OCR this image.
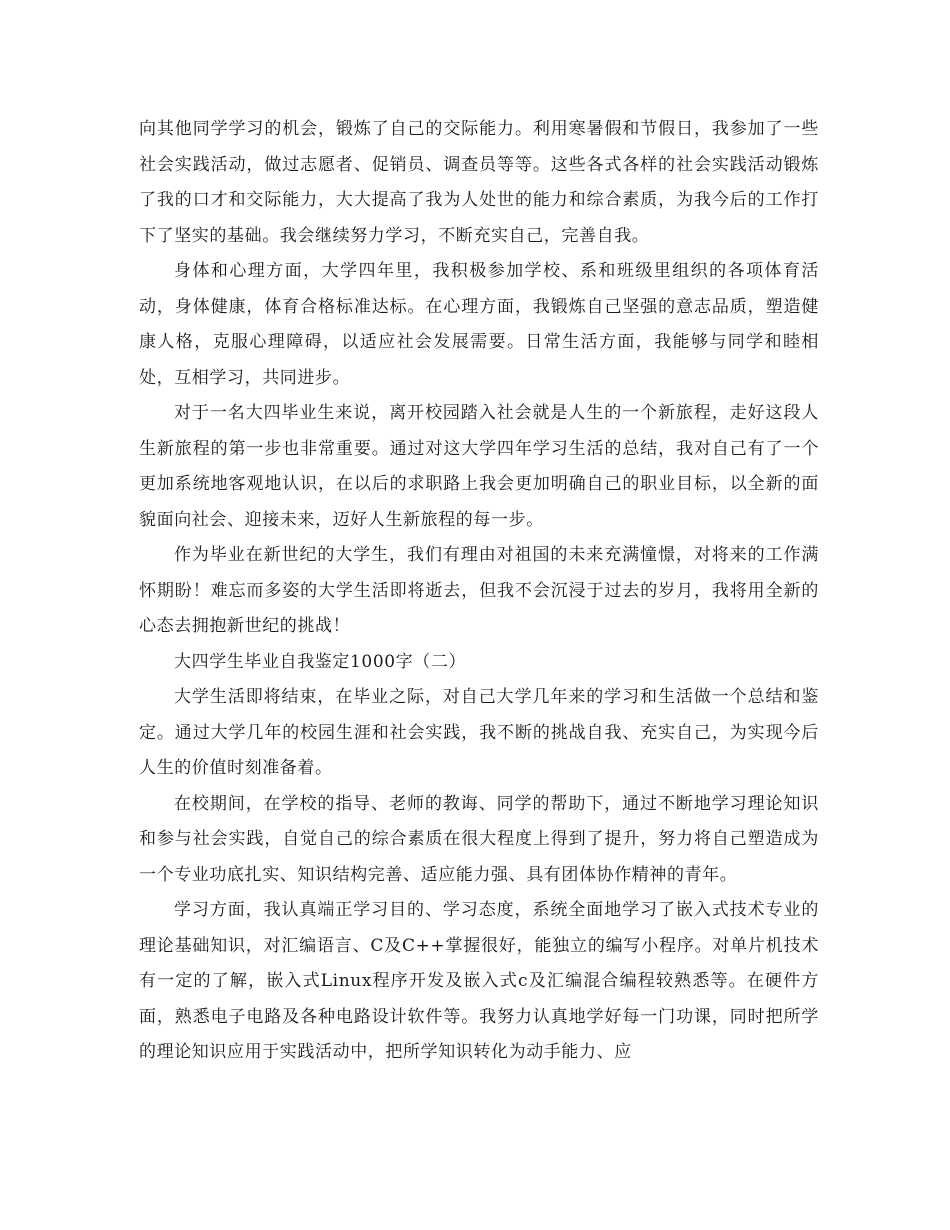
向其他同学学习的机会，锻炼了自己的交际能力。利用寒暑假和节假日，我参加了一些社会实践活动，做过志愿者、促销员、调查员等等。这些各式各样的社会实践活动锻炼了我的口才和交际能力，大大提高了我为人处世的能力和综合素质，为我今后的工作打下了坚实的基础。我会继续努力学习，不断充实自己，完善自我。

身体和心理方面，大学四年里，我积极参加学校、系和班级里组织的各项体育活动，身体健康，体育合格标准达标。在心理方面，我锻炼自己坚强的意志品质，塑造健康人格，克服心理障碍，以适应社会发展需要。日常生活方面，我能够与同学和睦相处，互相学习，共同进步。

对于一名大四毕业生来说，离开校园踏入社会就是人生的一个新旅程，走好这段人生新旅程的第一步也非常重要。通过对这大学四年学习生活的总结，我对自己有了一个更加系统地客观地认识，在以后的求职路上我会更加明确自己的职业目标，以全新的面貌面向社会、迎接未来，迈好人生新旅程的每一步。

作为毕业在新世纪的大学生，我们有理由对祖国的未来充满憧憬，对将来的工作满怀期盼！难忘而多姿的大学生活即将逝去，但我不会沉浸于过去的岁月，我将用全新的心态去拥抱新世纪的挑战！

大四学生毕业自我鉴定1000字（二）

大学生活即将结束，在毕业之际，对自己大学几年来的学习和生活做一个总结和鉴定。通过大学几年的校园生涯和社会实践，我不断的挑战自我、充实自己，为实现今后人生的价值时刻准备着。

在校期间，在学校的指导、老师的教诲、同学的帮助下，通过不断地学习理论知识和参与社会实践，自觉自己的综合素质在很大程度上得到了提升，努力将自己塑造成为一个专业功底扎实、知识结构完善、适应能力强、具有团体协作精神的青年。

学习方面，我认真端正学习目的、学习态度，系统全面地学习了嵌入式技术专业的理论基础知识，对汇编语言、C及C++掌握很好，能独立的编写小程序。对单片机技术有一定的了解，嵌入式Linux程序开发及嵌入式c及汇编混合编程较熟悉等。在硬件方面，熟悉电子电路及各种电路设计软件等。我努力认真地学好每一门功课，同时把所学的理论知识应用于实践活动中，把所学知识转化为动手能力、应
